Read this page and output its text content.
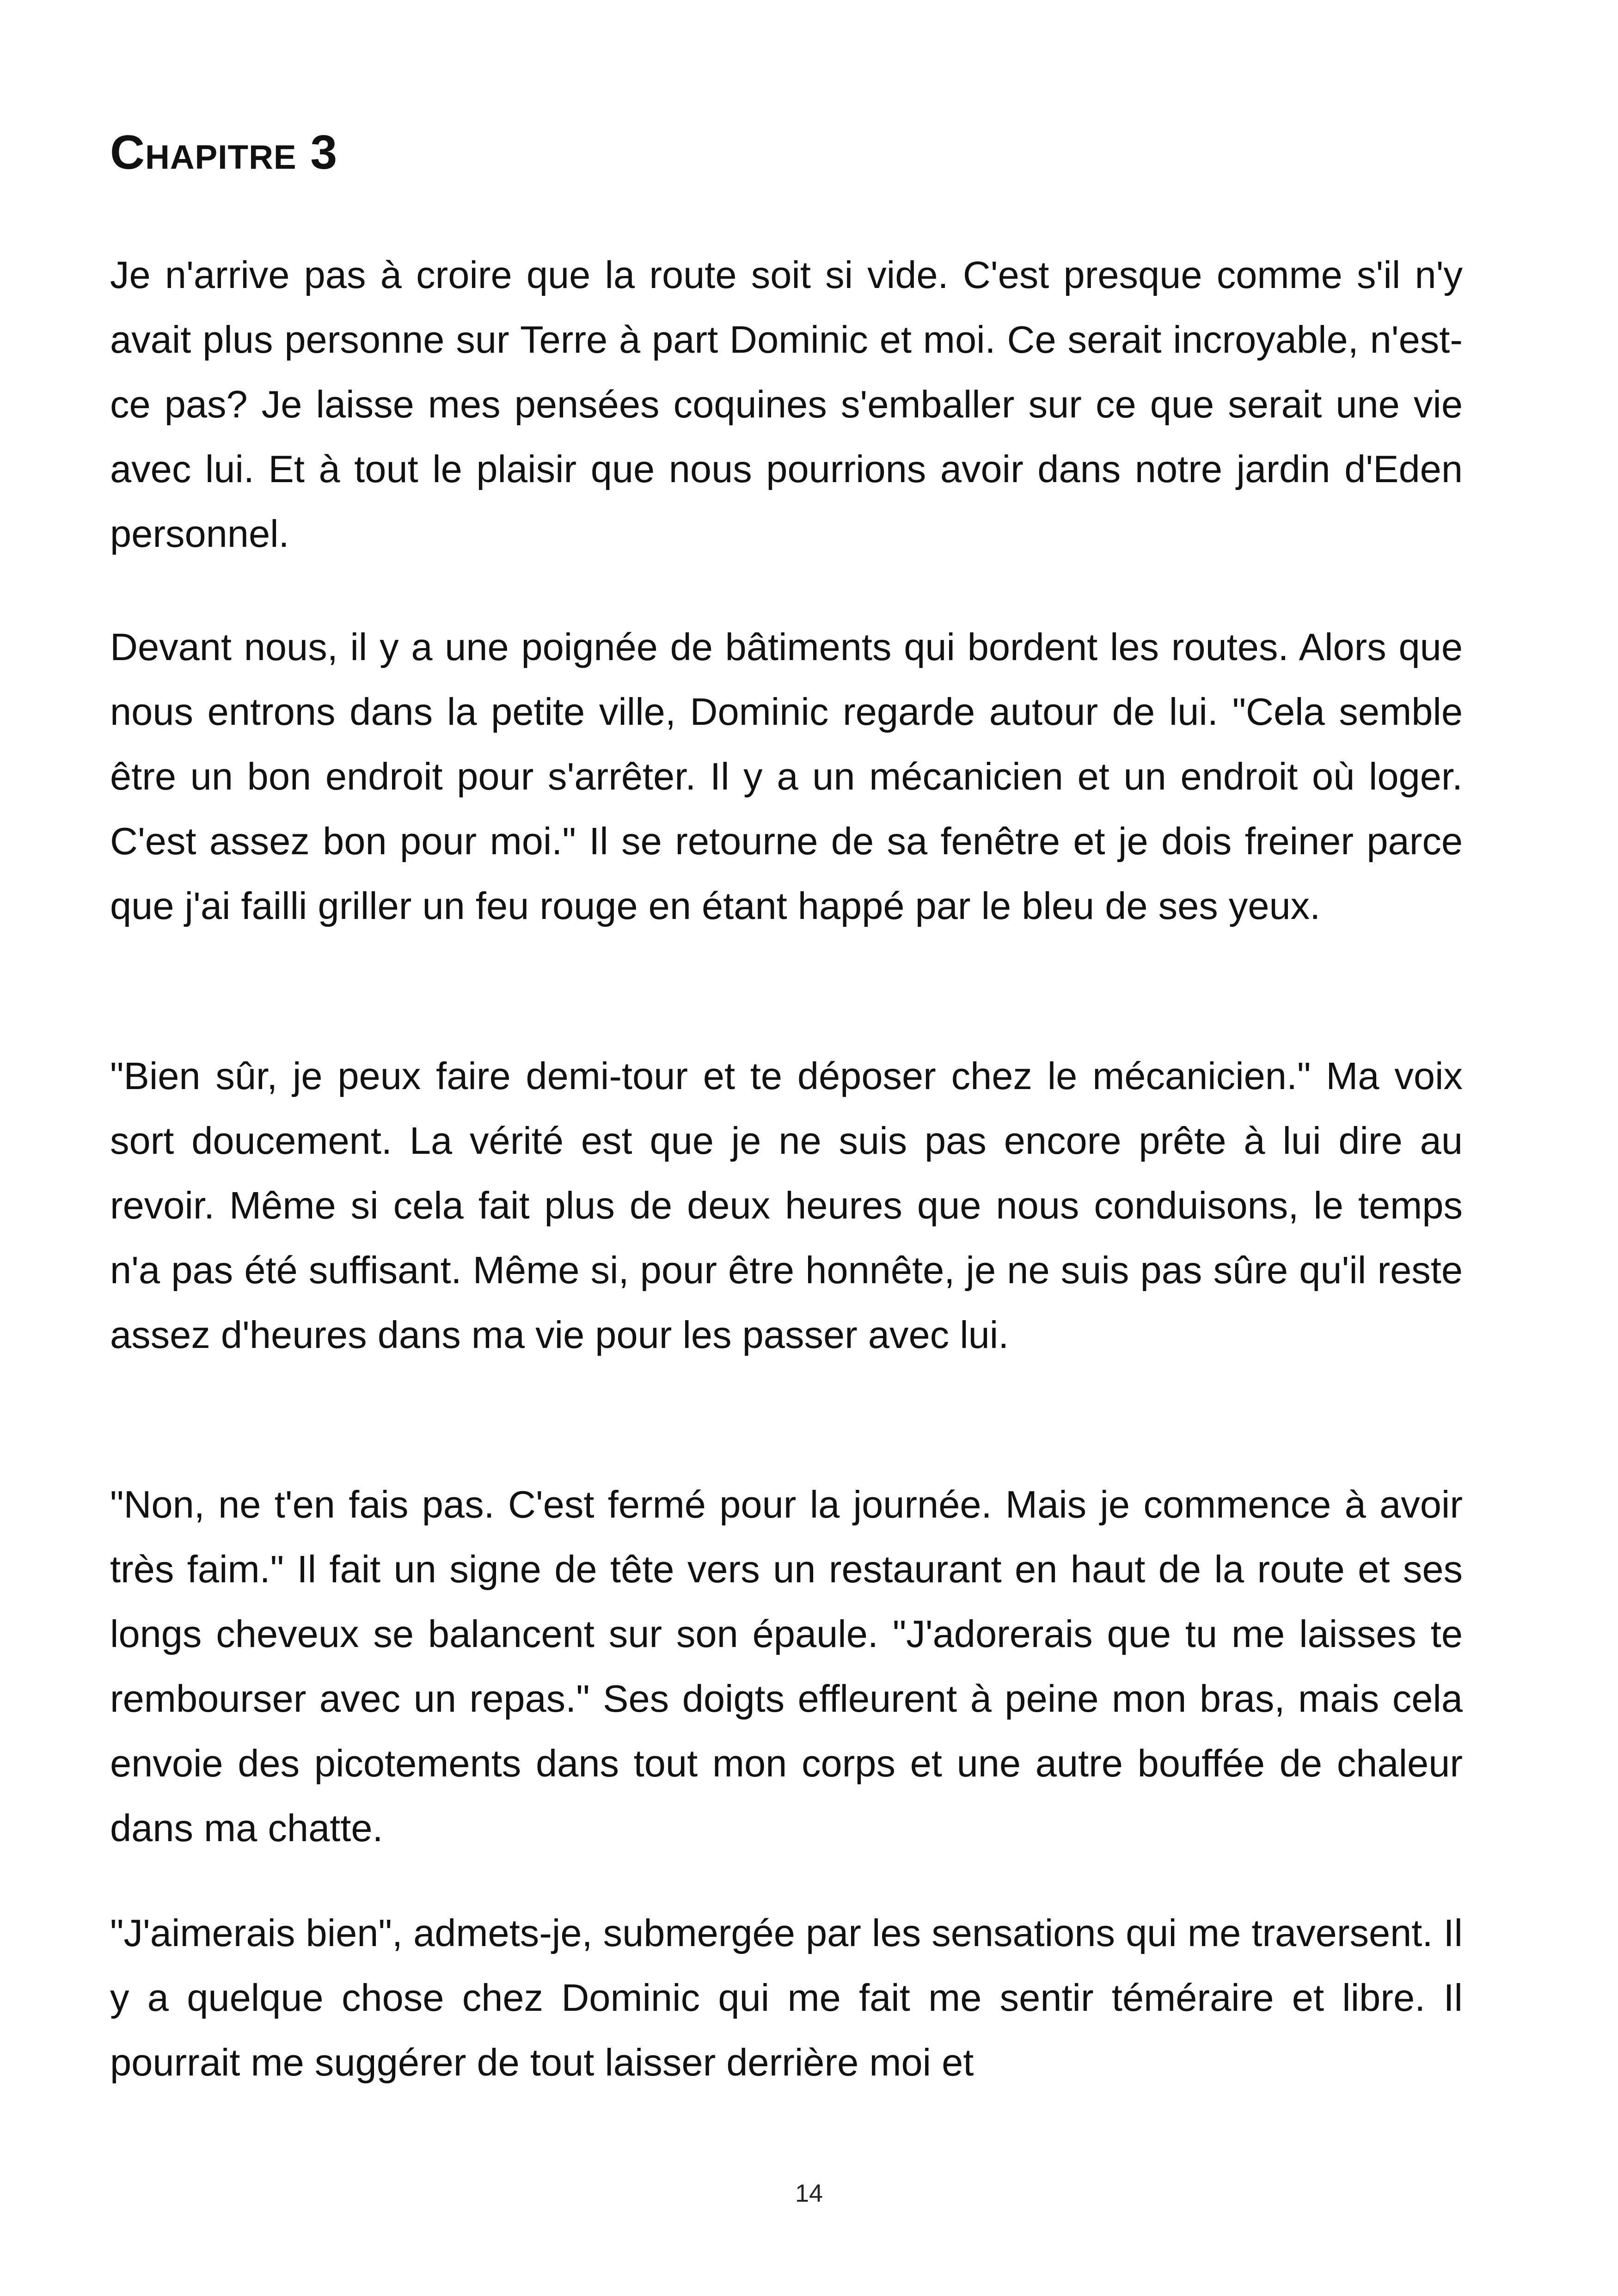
Chapitre 3

Je n'arrive pas à croire que la route soit si vide. C'est presque comme s'il n'y avait plus personne sur Terre à part Dominic et moi. Ce serait incroyable, n'est-ce pas? Je laisse mes pensées coquines s'emballer sur ce que serait une vie avec lui. Et à tout le plaisir que nous pourrions avoir dans notre jardin d'Eden personnel.

Devant nous, il y a une poignée de bâtiments qui bordent les routes. Alors que nous entrons dans la petite ville, Dominic regarde autour de lui. "Cela semble être un bon endroit pour s'arrêter. Il y a un mécanicien et un endroit où loger. C'est assez bon pour moi." Il se retourne de sa fenêtre et je dois freiner parce que j'ai failli griller un feu rouge en étant happé par le bleu de ses yeux.

"Bien sûr, je peux faire demi-tour et te déposer chez le mécanicien." Ma voix sort doucement. La vérité est que je ne suis pas encore prête à lui dire au revoir. Même si cela fait plus de deux heures que nous conduisons, le temps n'a pas été suffisant. Même si, pour être honnête, je ne suis pas sûre qu'il reste assez d'heures dans ma vie pour les passer avec lui.

"Non, ne t'en fais pas. C'est fermé pour la journée. Mais je commence à avoir très faim." Il fait un signe de tête vers un restaurant en haut de la route et ses longs cheveux se balancent sur son épaule. "J'adorerais que tu me laisses te rembourser avec un repas." Ses doigts effleurent à peine mon bras, mais cela envoie des picotements dans tout mon corps et une autre bouffée de chaleur dans ma chatte.

"J'aimerais bien", admets-je, submergée par les sensations qui me traversent. Il y a quelque chose chez Dominic qui me fait me sentir téméraire et libre. Il pourrait me suggérer de tout laisser derrière moi et

14
